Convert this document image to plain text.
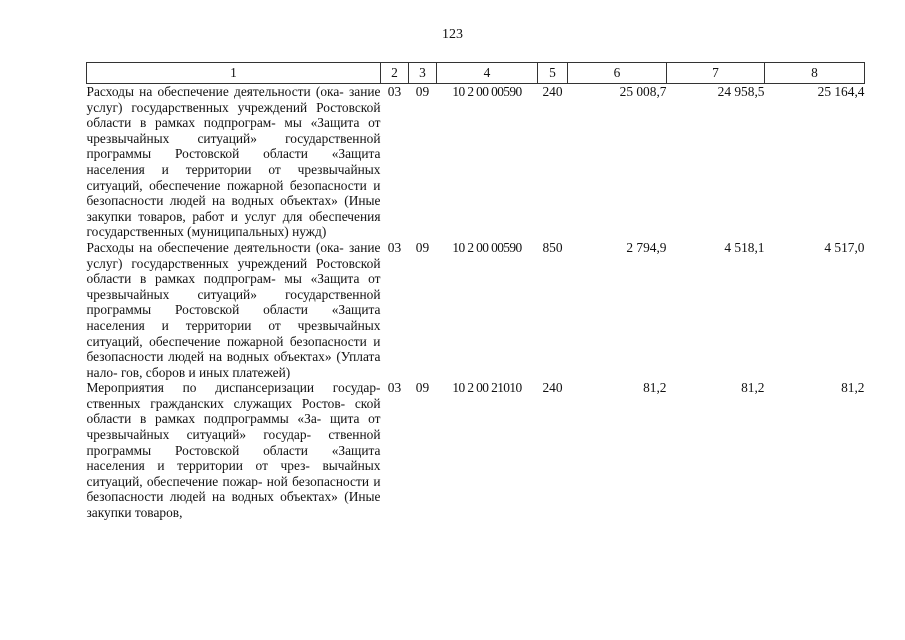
123
1	2	3	4	5	6	7	8
Расходы на обеспечение деятельности (ока- зание услуг) государственных учреждений Ростовской области в рамках подпрограм- мы «Защита от чрезвычайных ситуаций» государственной программы Ростовской области «Защита населения и территории от чрезвычайных ситуаций, обеспечение пожарной безопасности и безопасности людей на водных объектах» (Иные закупки товаров, работ и услуг для обеспечения государственных (муниципальных) нужд)	03	09	10 2 00 00590	240	25 008,7	24 958,5	25 164,4
Расходы на обеспечение деятельности (ока- зание услуг) государственных учреждений Ростовской области в рамках подпрограм- мы «Защита от чрезвычайных ситуаций» государственной программы Ростовской области «Защита населения и территории от чрезвычайных ситуаций, обеспечение пожарной безопасности и безопасности людей на водных объектах» (Уплата нало- гов, сборов и иных платежей)	03	09	10 2 00 00590	850	2 794,9	4 518,1	4 517,0
Мероприятия по диспансеризации государ- ственных гражданских служащих Ростов- ской области в рамках подпрограммы «За- щита от чрезвычайных ситуаций» государ- ственной программы Ростовской области «Защита населения и территории от чрез- вычайных ситуаций, обеспечение пожар- ной безопасности и безопасности людей на водных объектах» (Иные закупки товаров,	03	09	10 2 00 21010	240	81,2	81,2	81,2
